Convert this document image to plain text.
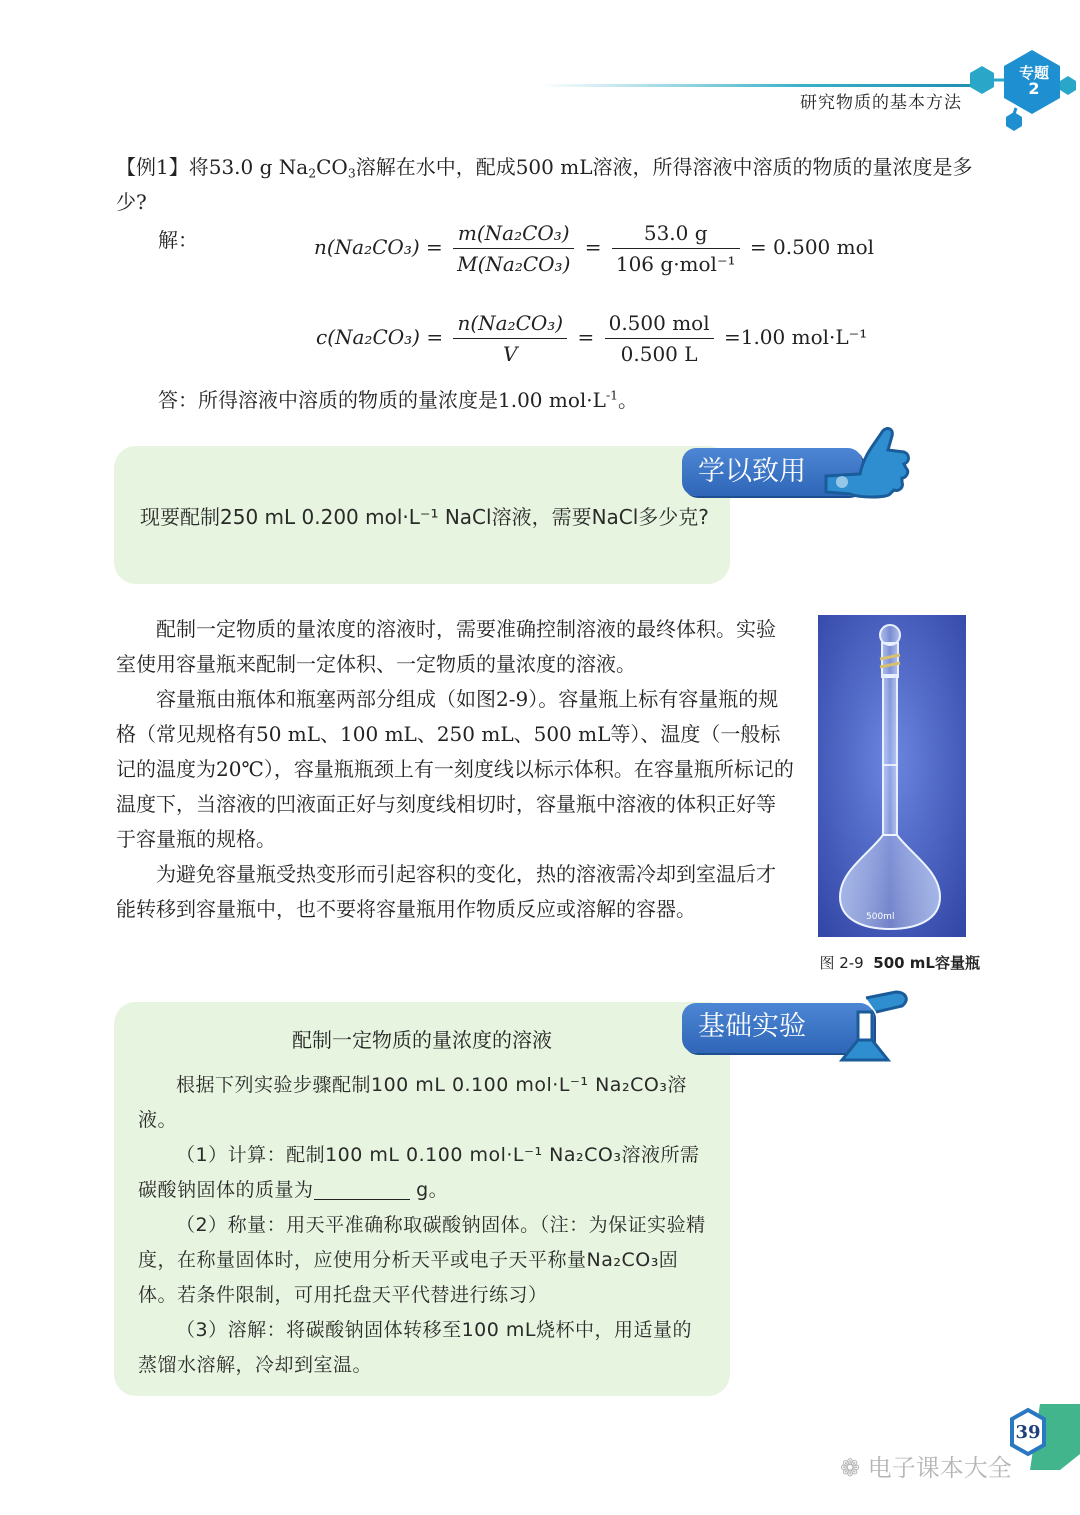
研究物质的基本方法
专题
2
【例1】将53.0 g $Na_2CO_3$溶解在水中，配成500 mL溶液，所得溶液中溶质的物质的量浓度是多少?
解：	$n(Na_2CO_3) = \frac{\text{m(Na₂CO₃)}}{\text{M(Na₂CO₃)}} = \frac{53.0 g}{\text{106 g·mol⁻¹}} = 0.500$ mol
$c(Na_2CO_3) = \frac{\text{n(Na₂CO₃)}}{V} = \frac{\text{0.500 mol}}{0.500 L} =1.00$ mol·L⁻¹
答：所得溶液中溶质的物质的量浓度是1.00 $mol\cdot L^{-1}$。
学以致用
现要配制250 mL 0.200 mol·L⁻¹ NaCl溶液，需要NaCl多少克?
配制一定物质的量浓度的溶液时，需要准确控制溶液的最终体积。实验室使用容量瓶来配制一定体积、一定物质的量浓度的溶液。
容量瓶由瓶体和瓶塞两部分组成（如图2-9）。容量瓶上标有容量瓶的规格（常见规格有50 mL、100 mL、250 mL、500 mL等）、温度（一般标记的温度为20℃），容量瓶瓶颈上有一刻度线以标示体积。在容量瓶所标记的温度下，当溶液的凹液面正好与刻度线相切时，容量瓶中溶液的体积正好等于容量瓶的规格。
为避免容量瓶受热变形而引起容积的变化，热的溶液需冷却到室温后才能转移到容量瓶中，也不要将容量瓶用作物质反应或溶解的容器。	500ml
图 2-9 500 mL容量瓶
基础实验
配制一定物质的量浓度的溶液
根据下列实验步骤配制100 mL 0.100 mol·L⁻¹ Na₂CO₃溶液。
（1）计算：配制100 mL 0.100 mol·L⁻¹ Na₂CO₃溶液所需碳酸钠固体的质量为	g。
（2）称量：用天平准确称取碳酸钠固体。（注：为保证实验精度，在称量固体时，应使用分析天平或电子天平称量Na₂CO₃固体。若条件限制，可用托盘天平代替进行练习）
（3）溶解：将碳酸钠固体转移至100 mL烧杯中，用适量的蒸馏水溶解，冷却到室温。
39
❁ 电子课本大全
